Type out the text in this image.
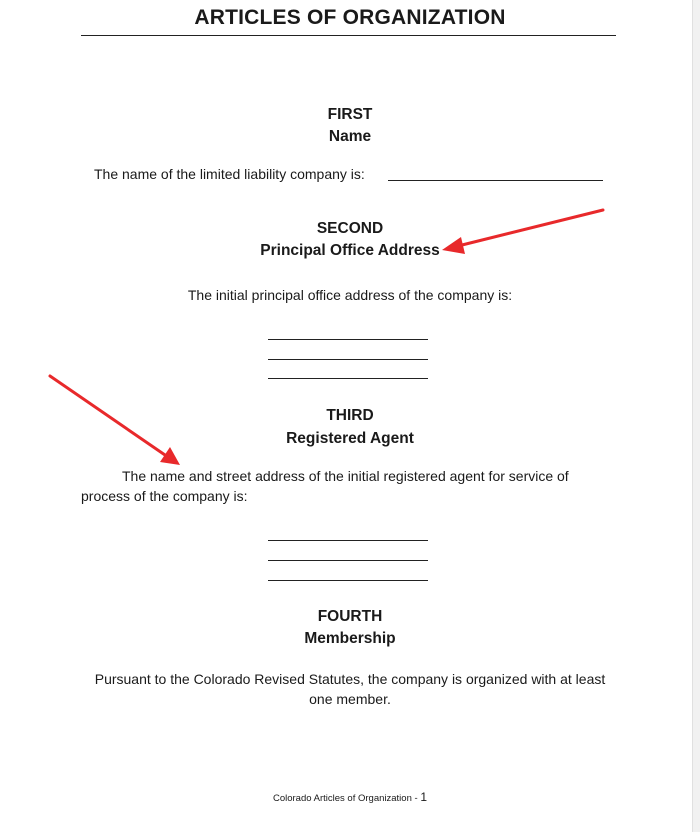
ARTICLES OF ORGANIZATION
FIRST
Name
The name of the limited liability company is:
SECOND
Principal Office Address
The initial principal office address of the company is:
THIRD
Registered Agent
The name and street address of the initial registered agent for service of
process of the company is:
FOURTH
Membership
Pursuant to the Colorado Revised Statutes, the company is organized with at least
one member.
Colorado Articles of Organization - 1
